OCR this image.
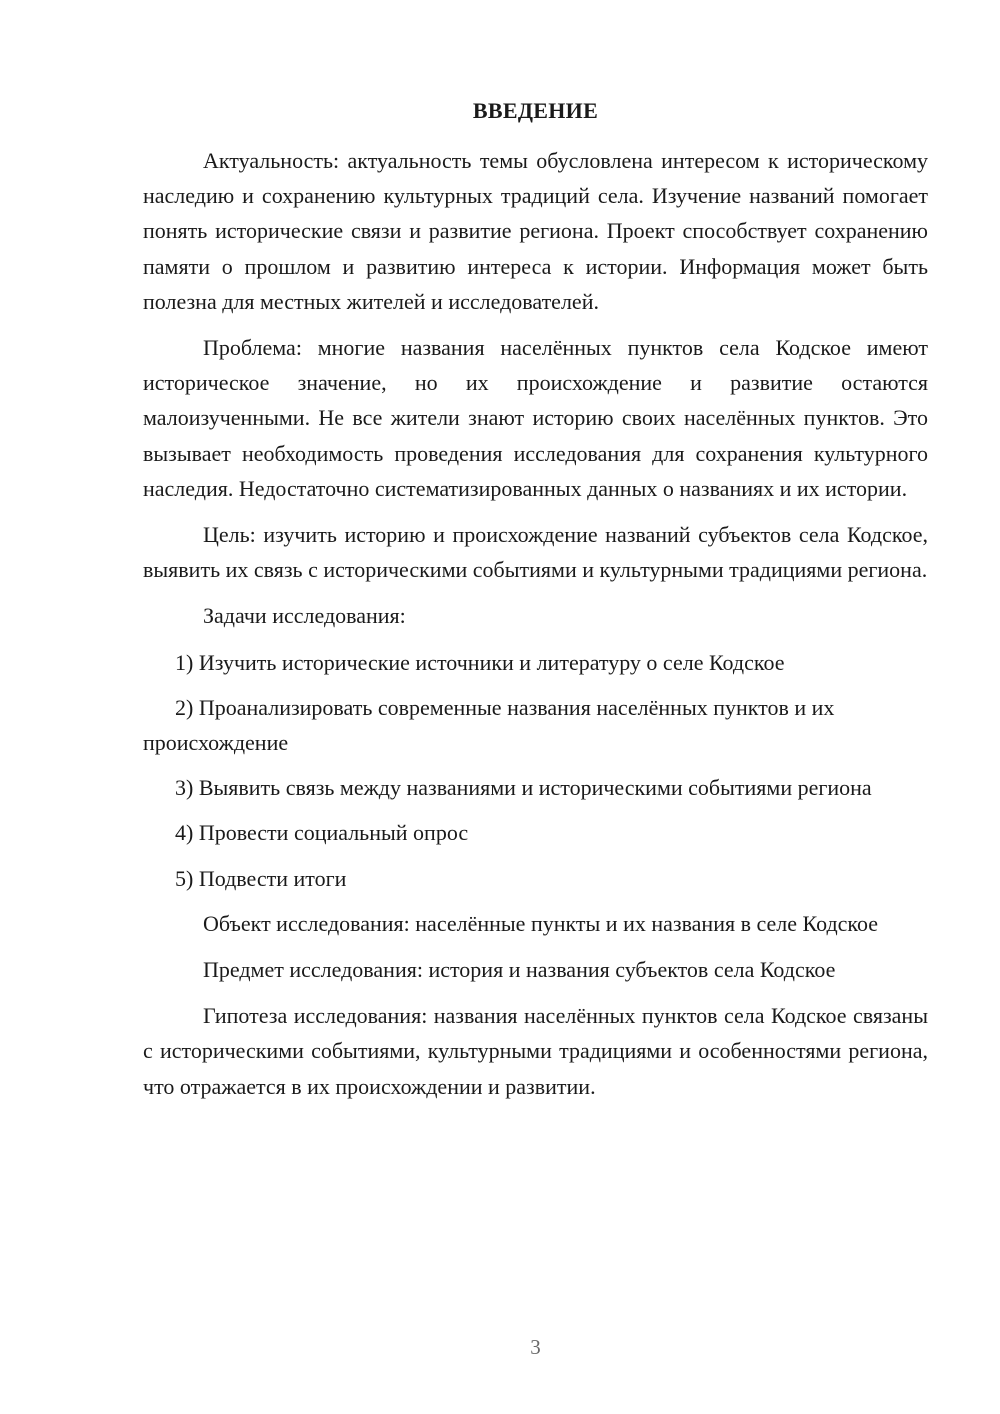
ВВЕДЕНИЕ

Актуальность: актуальность темы обусловлена интересом к историческому наследию и сохранению культурных традиций села. Изучение названий помогает понять исторические связи и развитие региона. Проект способствует сохранению памяти о прошлом и развитию интереса к истории. Информация может быть полезна для местных жителей и исследователей.

Проблема: многие названия населённых пунктов села Кодское имеют историческое значение, но их происхождение и развитие остаются малоизученными. Не все жители знают историю своих населённых пунктов. Это вызывает необходимость проведения исследования для сохранения культурного наследия. Недостаточно систематизированных данных о названиях и их истории.

Цель: изучить историю и происхождение названий субъектов села Кодское, выявить их связь с историческими событиями и культурными традициями региона.

Задачи исследования:

1) Изучить исторические источники и литературу о селе Кодское

2) Проанализировать современные названия населённых пунктов и их происхождение

3) Выявить связь между названиями и историческими событиями региона

4) Провести социальный опрос

5) Подвести итоги

Объект исследования: населённые пункты и их названия в селе Кодское

Предмет исследования: история и названия субъектов села Кодское

Гипотеза исследования: названия населённых пунктов села Кодское связаны с историческими событиями, культурными традициями и особенностями региона, что отражается в их происхождении и развитии.

3
